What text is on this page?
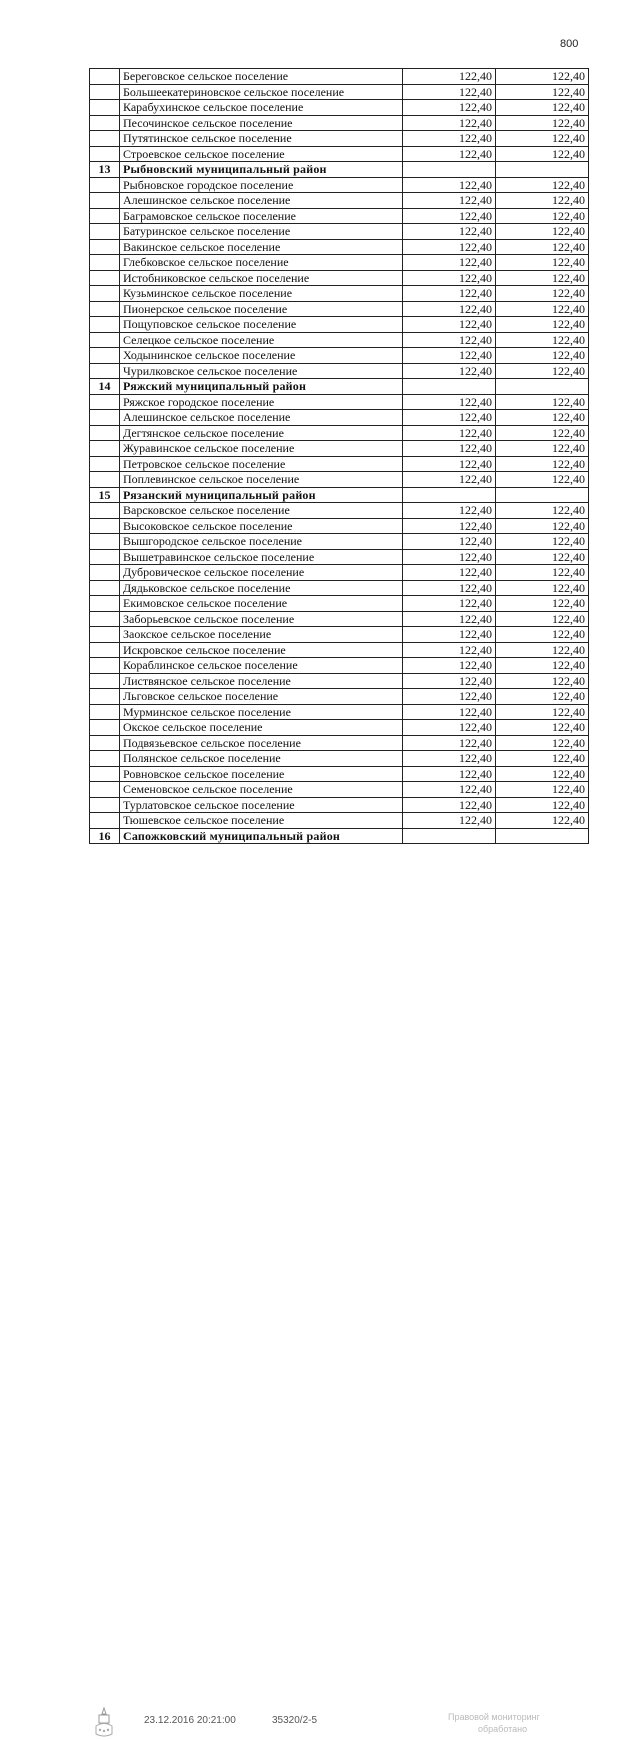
800
	Береговское сельское поселение	122,40	122,40
	Большеекатериновское сельское поселение	122,40	122,40
	Карабухинское сельское поселение	122,40	122,40
	Песочинское сельское поселение	122,40	122,40
	Путятинское сельское поселение	122,40	122,40
	Строевское сельское поселение	122,40	122,40
13	Рыбновский муниципальный район		
	Рыбновское городское поселение	122,40	122,40
	Алешинское сельское поселение	122,40	122,40
	Баграмовское сельское поселение	122,40	122,40
	Батуринское сельское поселение	122,40	122,40
	Вакинское сельское поселение	122,40	122,40
	Глебковское сельское поселение	122,40	122,40
	Истобниковское сельское поселение	122,40	122,40
	Кузьминское сельское поселение	122,40	122,40
	Пионерское сельское поселение	122,40	122,40
	Пощуповское сельское поселение	122,40	122,40
	Селецкое сельское поселение	122,40	122,40
	Ходынинское сельское поселение	122,40	122,40
	Чурилковское сельское поселение	122,40	122,40
14	Ряжский муниципальный район		
	Ряжское городское поселение	122,40	122,40
	Алешинское сельское поселение	122,40	122,40
	Дегтянское сельское поселение	122,40	122,40
	Журавинское сельское поселение	122,40	122,40
	Петровское сельское поселение	122,40	122,40
	Поплевинское сельское поселение	122,40	122,40
15	Рязанский муниципальный район		
	Варсковское сельское поселение	122,40	122,40
	Высоковское сельское поселение	122,40	122,40
	Вышгородское сельское поселение	122,40	122,40
	Вышетравинское сельское поселение	122,40	122,40
	Дубровическое сельское поселение	122,40	122,40
	Дядьковское сельское поселение	122,40	122,40
	Екимовское сельское поселение	122,40	122,40
	Заборьевское сельское поселение	122,40	122,40
	Заокское сельское поселение	122,40	122,40
	Искровское сельское поселение	122,40	122,40
	Кораблинское сельское поселение	122,40	122,40
	Листвянское сельское поселение	122,40	122,40
	Льговское сельское поселение	122,40	122,40
	Мурминское сельское поселение	122,40	122,40
	Окское сельское поселение	122,40	122,40
	Подвязьевское сельское поселение	122,40	122,40
	Полянское сельское поселение	122,40	122,40
	Ровновское сельское поселение	122,40	122,40
	Семеновское сельское поселение	122,40	122,40
	Турлатовское сельское поселение	122,40	122,40
	Тюшевское сельское поселение	122,40	122,40
16	Сапожковский муниципальный район		
23.12.2016 20:21:00	35320/2-5	Правовой мониторинг
обработано
